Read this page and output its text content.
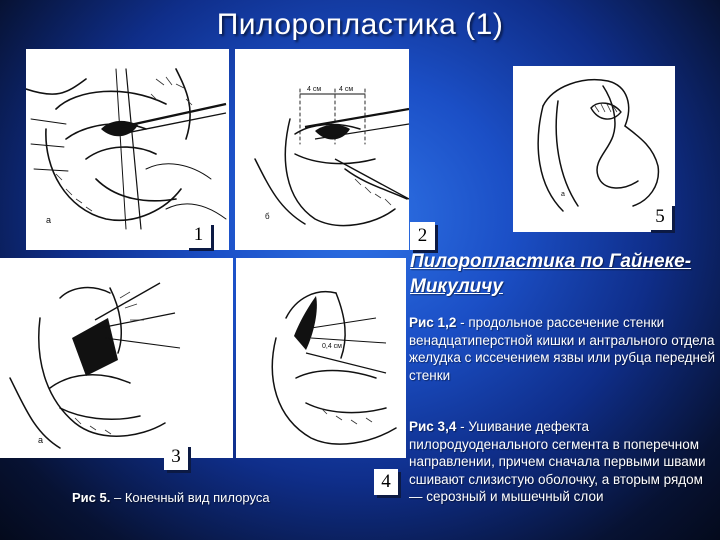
Пилоропластика (1)
а
4 см	4 см
б
а
а
0,4 см
1	2
5
3
4
Пилоропластика по Гайнеке-Микуличу
Рис 1,2 - продольное рассечение стенки венадцатиперстной кишки и антрального отдела желудка с иссечением язвы или рубца передней стенки
Рис 3,4 - Ушивание дефекта пилородуоденального сегмента в поперечном направлении, причем сначала первыми швами сшивают слизистую оболочку, а вторым рядом — серозный и мышечный слои
Рис 5. – Конечный вид пилоруса
